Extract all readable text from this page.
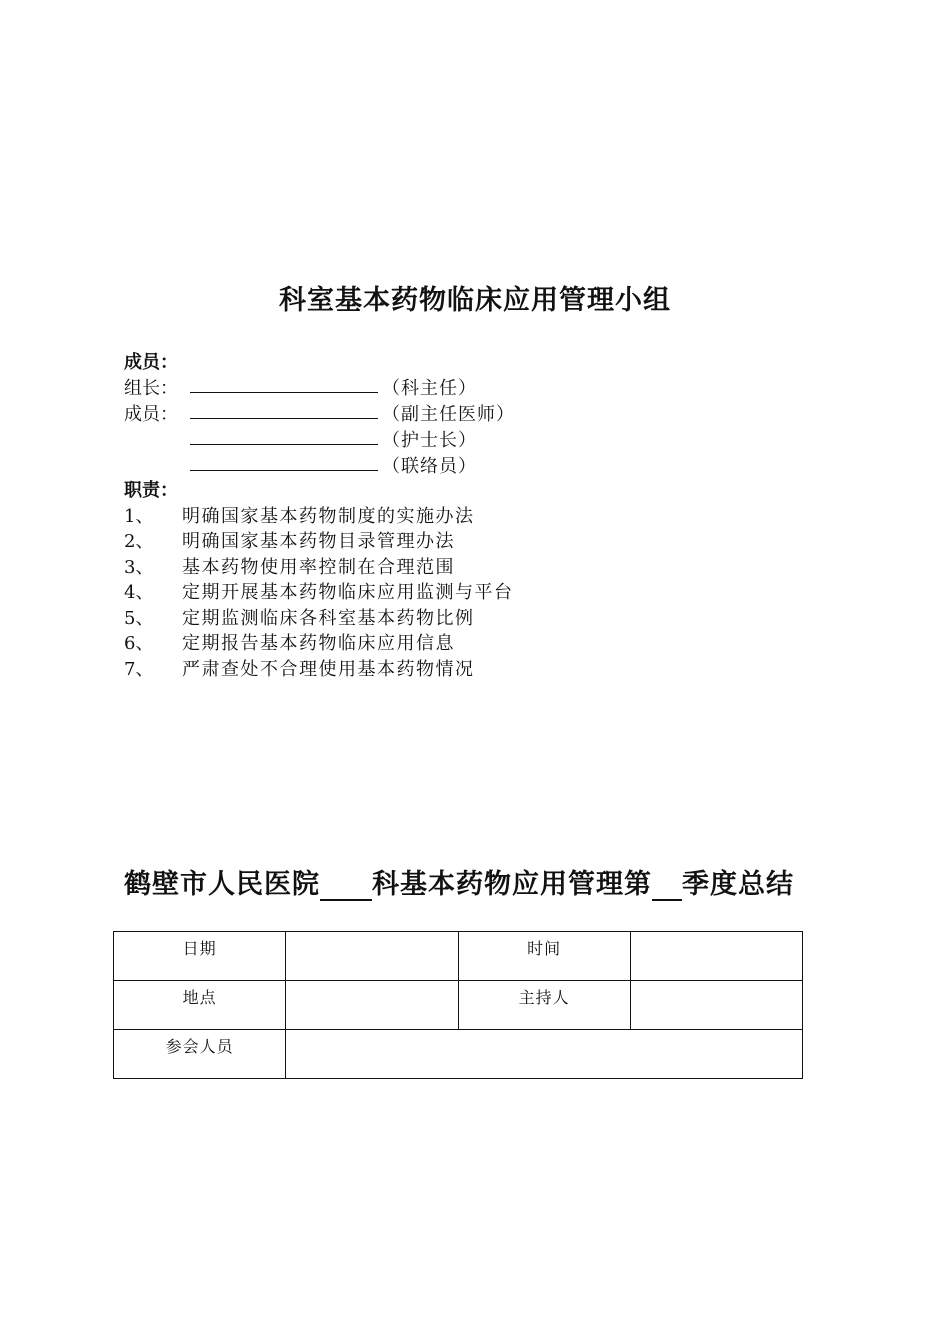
科室基本药物临床应用管理小组
成员：
组长：	（科主任）
成员：	（副主任医师）
（护士长）
（联络员）
职责：
1、 明确国家基本药物制度的实施办法
2、 明确国家基本药物目录管理办法
3、 基本药物使用率控制在合理范围
4、 定期开展基本药物临床应用监测与平台
5、 定期监测临床各科室基本药物比例
6、 定期报告基本药物临床应用信息
7、 严肃查处不合理使用基本药物情况
鹤壁市人民医院 科基本药物应用管理第 季度总结
日期		时间	
地点		主持人	
参会人员			
